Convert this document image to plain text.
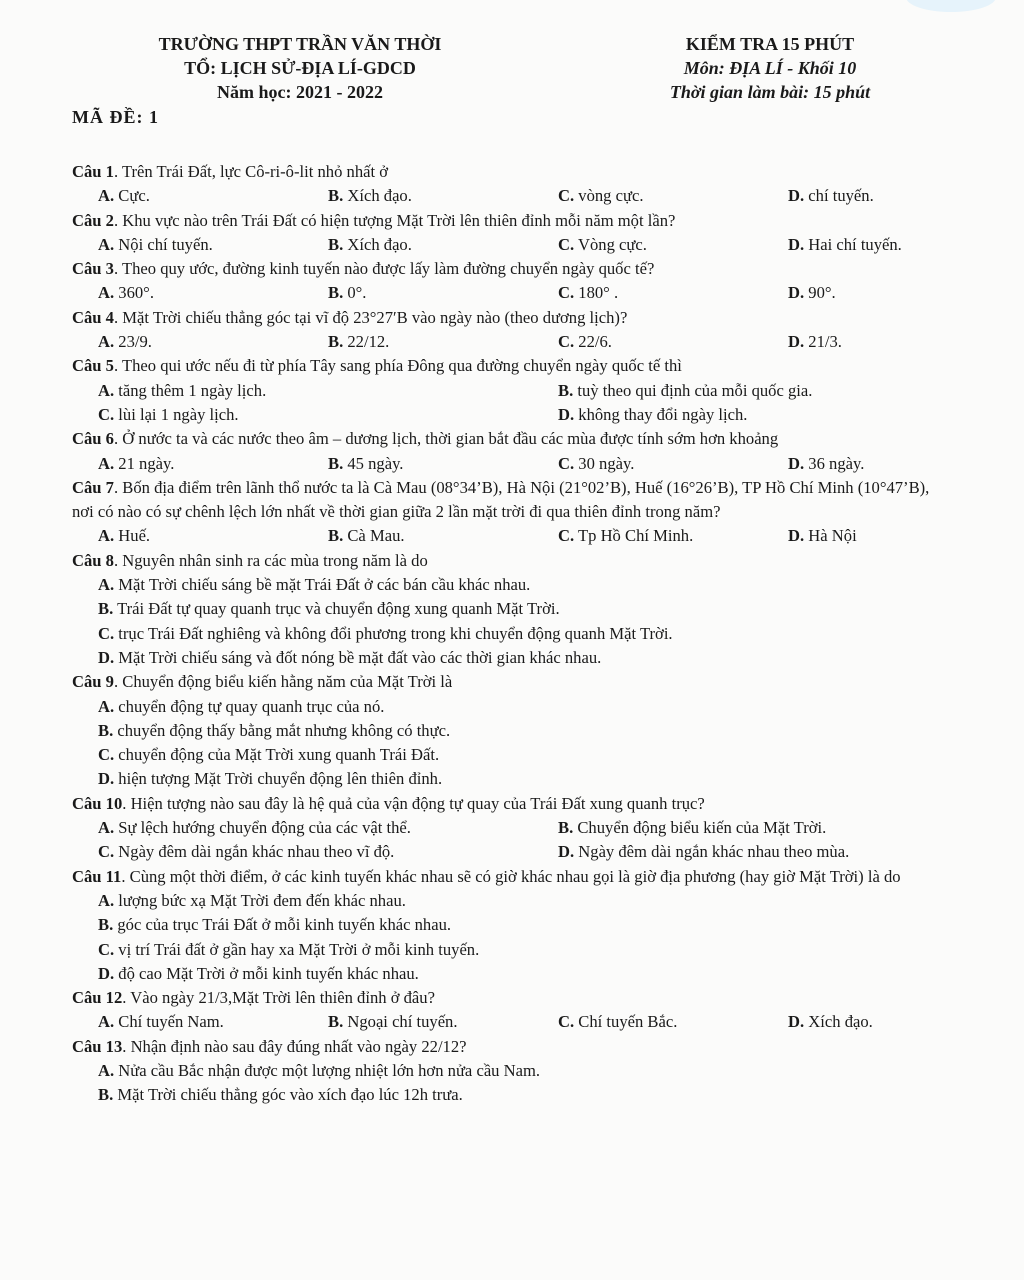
TRƯỜNG THPT TRẦN VĂN THỜI
TỔ: LỊCH SỬ-ĐỊA LÍ-GDCD
Năm học: 2021 - 2022
KIỂM TRA 15 PHÚT
Môn: ĐỊA LÍ - Khối 10
Thời gian làm bài: 15 phút
MÃ ĐỀ: 1
Câu 1. Trên Trái Đất, lực Cô-ri-ô-lit nhỏ nhất ở
A. Cực.	B. Xích đạo.	C. vòng cực.	D. chí tuyến.
Câu 2. Khu vực nào trên Trái Đất có hiện tượng Mặt Trời lên thiên đỉnh mỗi năm một lần?
A. Nội chí tuyến.	B. Xích đạo.	C. Vòng cực.	D. Hai chí tuyến.
Câu 3. Theo quy ước, đường kinh tuyến nào được lấy làm đường chuyển ngày quốc tế?
A. 360°.	B. 0°.	C. 180° .	D. 90°.
Câu 4. Mặt Trời chiếu thẳng góc tại vĩ độ 23°27ʹB vào ngày nào (theo dương lịch)?
A. 23/9.	B. 22/12.	C. 22/6.	D. 21/3.
Câu 5. Theo qui ước nếu đi từ phía Tây sang phía Đông qua đường chuyển ngày quốc tế thì
A. tăng thêm 1 ngày lịch.	B. tuỳ theo qui định của mỗi quốc gia.
C. lùi lại 1 ngày lịch.	D. không thay đổi ngày lịch.
Câu 6. Ở nước ta và các nước theo âm – dương lịch, thời gian bắt đầu các mùa được tính sớm hơn khoảng
A. 21 ngày.	B. 45 ngày.	C. 30 ngày.	D. 36 ngày.
Câu 7. Bốn địa điểm trên lãnh thổ nước ta là Cà Mau (08°34’B), Hà Nội (21°02’B), Huế (16°26’B), TP Hồ Chí Minh (10°47’B), nơi có nào có sự chênh lệch lớn nhất về thời gian giữa 2 lần mặt trời đi qua thiên đỉnh trong năm?
A. Huế.	B. Cà Mau.	C. Tp Hồ Chí Minh.	D. Hà Nội
Câu 8. Nguyên nhân sinh ra các mùa trong năm là do
A. Mặt Trời chiếu sáng bề mặt Trái Đất ở các bán cầu khác nhau.
B. Trái Đất tự quay quanh trục và chuyển động xung quanh Mặt Trời.
C. trục Trái Đất nghiêng và không đổi phương trong khi chuyển động quanh Mặt Trời.
D. Mặt Trời chiếu sáng và đốt nóng bề mặt đất vào các thời gian khác nhau.
Câu 9. Chuyển động biểu kiến hằng năm của Mặt Trời là
A. chuyển động tự quay quanh trục của nó.
B. chuyển động thấy bằng mắt nhưng không có thực.
C. chuyển động của Mặt Trời xung quanh Trái Đất.
D. hiện tượng Mặt Trời chuyển động lên thiên đỉnh.
Câu 10. Hiện tượng nào sau đây là hệ quả của vận động tự quay của Trái Đất xung quanh trục?
A. Sự lệch hướng chuyển động của các vật thể.	B. Chuyển động biểu kiến của Mặt Trời.
C. Ngày đêm dài ngắn khác nhau theo vĩ độ.	D. Ngày đêm dài ngắn khác nhau theo mùa.
Câu 11. Cùng một thời điểm, ở các kinh tuyến khác nhau sẽ có giờ khác nhau gọi là giờ địa phương (hay giờ Mặt Trời) là do
A. lượng bức xạ Mặt Trời đem đến khác nhau.
B. góc của trục Trái Đất ở mỗi kinh tuyến khác nhau.
C. vị trí Trái đất ở gần hay xa Mặt Trời ở mỗi kinh tuyến.
D. độ cao Mặt Trời ở mỗi kinh tuyến khác nhau.
Câu 12. Vào ngày 21/3,Mặt Trời lên thiên đỉnh ở đâu?
A. Chí tuyến Nam.	B. Ngoại chí tuyến.	C. Chí tuyến Bắc.	D. Xích đạo.
Câu 13. Nhận định nào sau đây đúng nhất vào ngày 22/12?
A. Nửa cầu Bắc nhận được một lượng nhiệt lớn hơn nửa cầu Nam.
B. Mặt Trời chiếu thẳng góc vào xích đạo lúc 12h trưa.
